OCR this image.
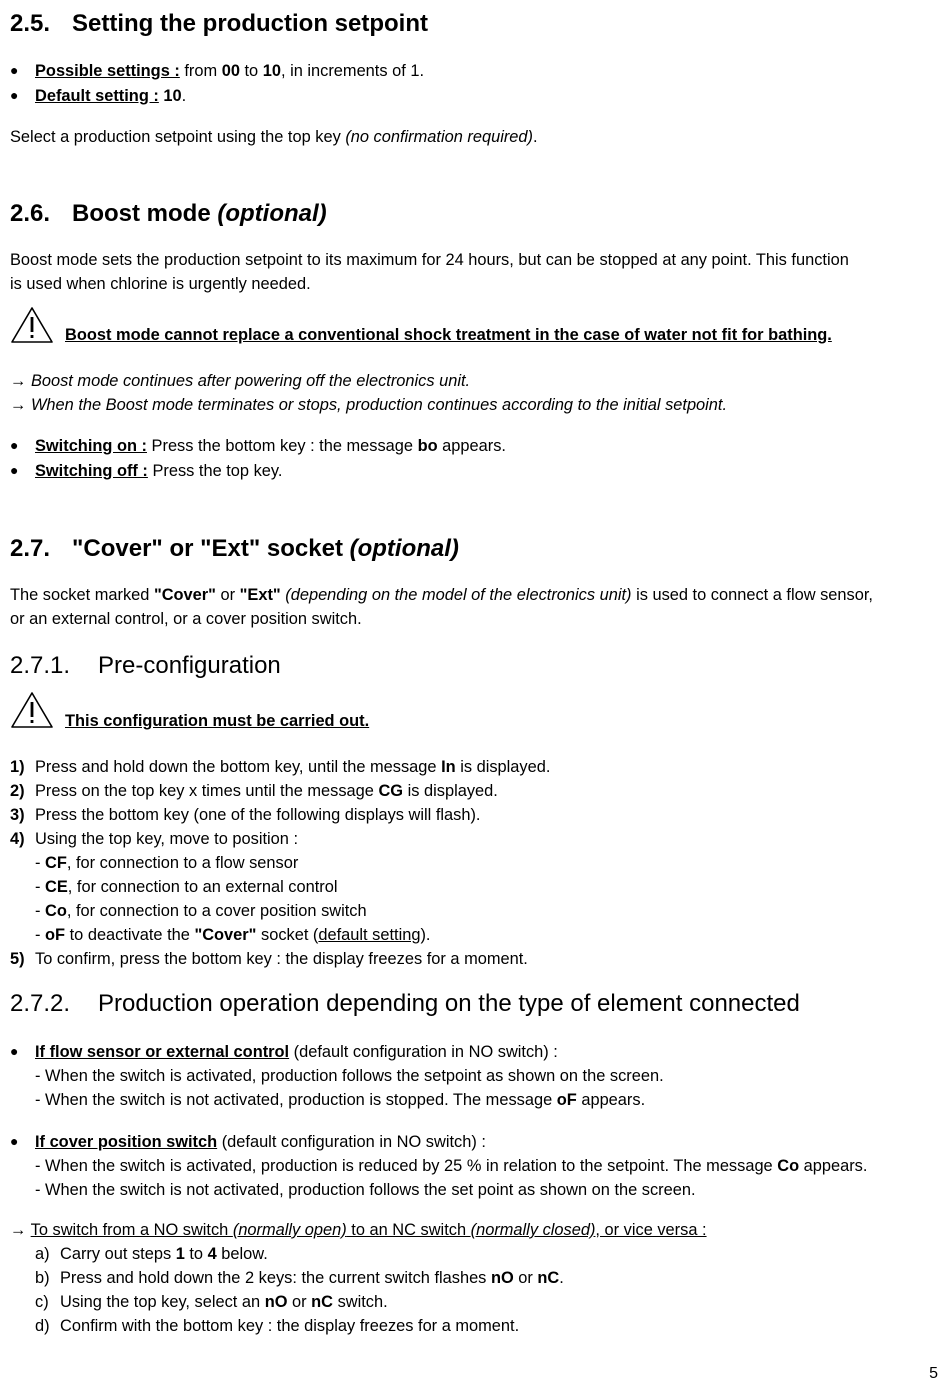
2.5. Setting the production setpoint
● Possible settings : from 00 to 10, in increments of 1.
● Default setting : 10.
Select a production setpoint using the top key (no confirmation required).
2.6. Boost mode (optional)
Boost mode sets the production setpoint to its maximum for 24 hours, but can be stopped at any point. This function
is used when chlorine is urgently needed.
Boost mode cannot replace a conventional shock treatment in the case of water not fit for bathing.
→ Boost mode continues after powering off the electronics unit.
→ When the Boost mode terminates or stops, production continues according to the initial setpoint.
● Switching on : Press the bottom key : the message bo appears.
● Switching off : Press the top key.
2.7. "Cover" or "Ext" socket (optional)
The socket marked "Cover" or "Ext" (depending on the model of the electronics unit) is used to connect a flow sensor,
or an external control, or a cover position switch.
2.7.1. Pre-configuration
This configuration must be carried out.
1) Press and hold down the bottom key, until the message In is displayed.
2) Press on the top key x times until the message CG is displayed.
3) Press the bottom key (one of the following displays will flash).
4) Using the top key, move to position :
- CF, for connection to a flow sensor
- CE, for connection to an external control
- Co, for connection to a cover position switch
- oF to deactivate the "Cover" socket (default setting).
5) To confirm, press the bottom key : the display freezes for a moment.
2.7.2. Production operation depending on the type of element connected
● If flow sensor or external control (default configuration in NO switch) :
- When the switch is activated, production follows the setpoint as shown on the screen.
- When the switch is not activated, production is stopped. The message oF appears.
● If cover position switch (default configuration in NO switch) :
- When the switch is activated, production is reduced by 25 % in relation to the setpoint. The message Co appears.
- When the switch is not activated, production follows the set point as shown on the screen.
→ To switch from a NO switch (normally open) to an NC switch (normally closed), or vice versa :
a) Carry out steps 1 to 4 below.
b) Press and hold down the 2 keys: the current switch flashes nO or nC.
c) Using the top key, select an nO or nC switch.
d) Confirm with the bottom key : the display freezes for a moment.
5
